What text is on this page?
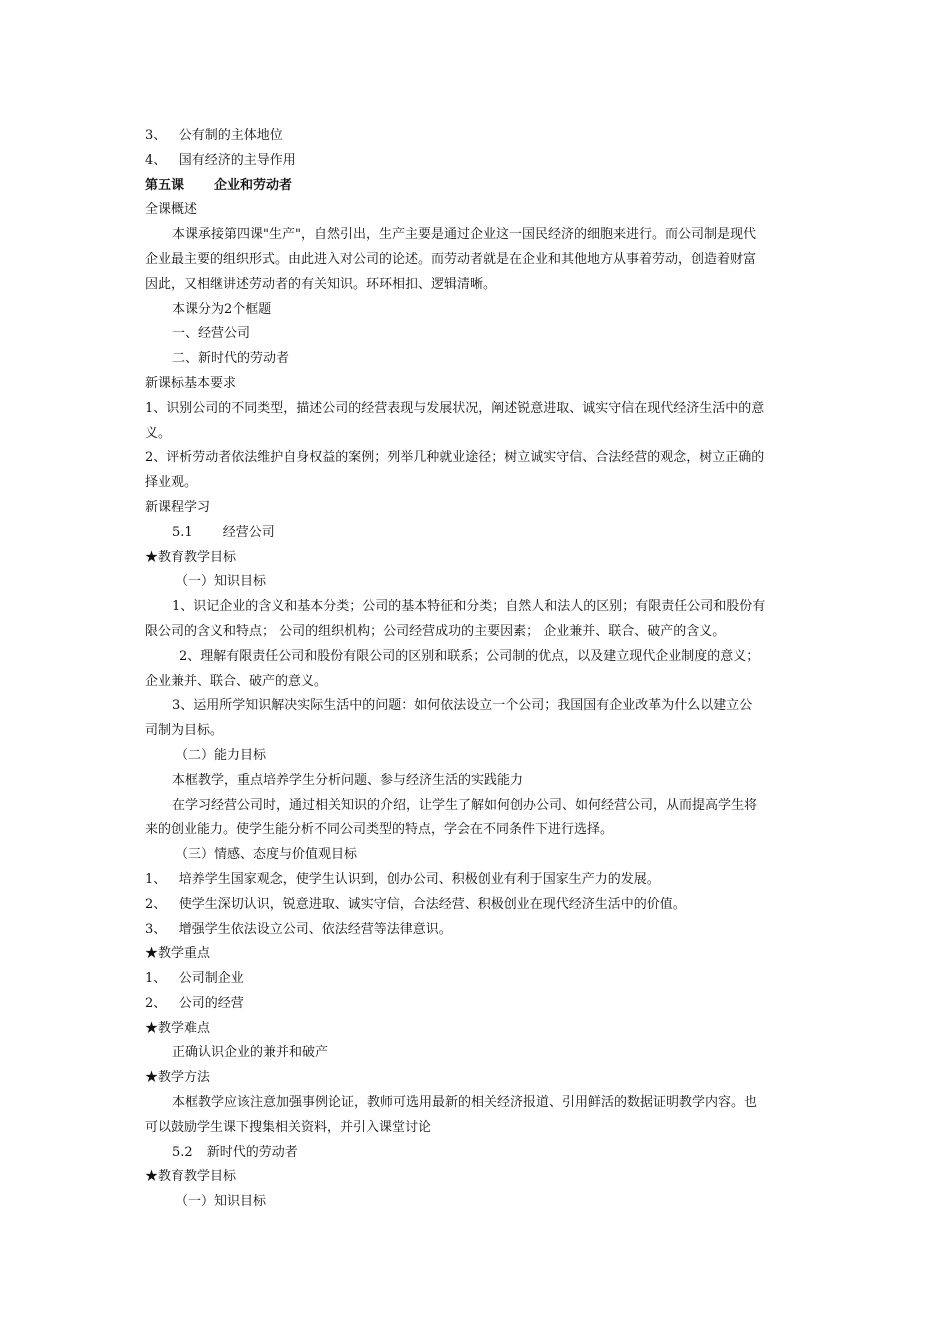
3、 公有制的主体地位
4、 国有经济的主导作用
第五课 企业和劳动者
全课概述
本课承接第四课"生产"，自然引出，生产主要是通过企业这一国民经济的细胞来进行。而公司制是现代
企业最主要的组织形式。由此进入对公司的论述。而劳动者就是在企业和其他地方从事着劳动，创造着财富
因此，又相继讲述劳动者的有关知识。环环相扣、逻辑清晰。
本课分为2个框题
一、经营公司
二、新时代的劳动者
新课标基本要求
1、识别公司的不同类型，描述公司的经营表现与发展状况，阐述锐意进取、诚实守信在现代经济生活中的意
义。
2、评析劳动者依法维护自身权益的案例；列举几种就业途径；树立诚实守信、合法经营的观念，树立正确的
择业观。
新课程学习
5.1 经营公司
★教育教学目标
（一）知识目标
1、识记企业的含义和基本分类；公司的基本特征和分类；自然人和法人的区别；有限责任公司和股份有
限公司的含义和特点； 公司的组织机构；公司经营成功的主要因素； 企业兼并、联合、破产的含义。
2、理解有限责任公司和股份有限公司的区别和联系；公司制的优点，以及建立现代企业制度的意义；
企业兼并、联合、破产的意义。
3、运用所学知识解决实际生活中的问题：如何依法设立一个公司；我国国有企业改革为什么以建立公
司制为目标。
（二）能力目标
本框教学，重点培养学生分析问题、参与经济生活的实践能力
在学习经营公司时，通过相关知识的介绍，让学生了解如何创办公司、如何经营公司，从而提高学生将
来的创业能力。使学生能分析不同公司类型的特点，学会在不同条件下进行选择。
（三）情感、态度与价值观目标
1、 培养学生国家观念，使学生认识到，创办公司、积极创业有利于国家生产力的发展。
2、 使学生深切认识，锐意进取、诚实守信，合法经营、积极创业在现代经济生活中的价值。
3、 增强学生依法设立公司、依法经营等法律意识。
★教学重点
1、 公司制企业
2、 公司的经营
★教学难点
正确认识企业的兼并和破产
★教学方法
本框教学应该注意加强事例论证，教师可选用最新的相关经济报道、引用鲜活的数据证明教学内容。也
可以鼓励学生课下搜集相关资料，并引入课堂讨论
5.2 新时代的劳动者
★教育教学目标
（一）知识目标
